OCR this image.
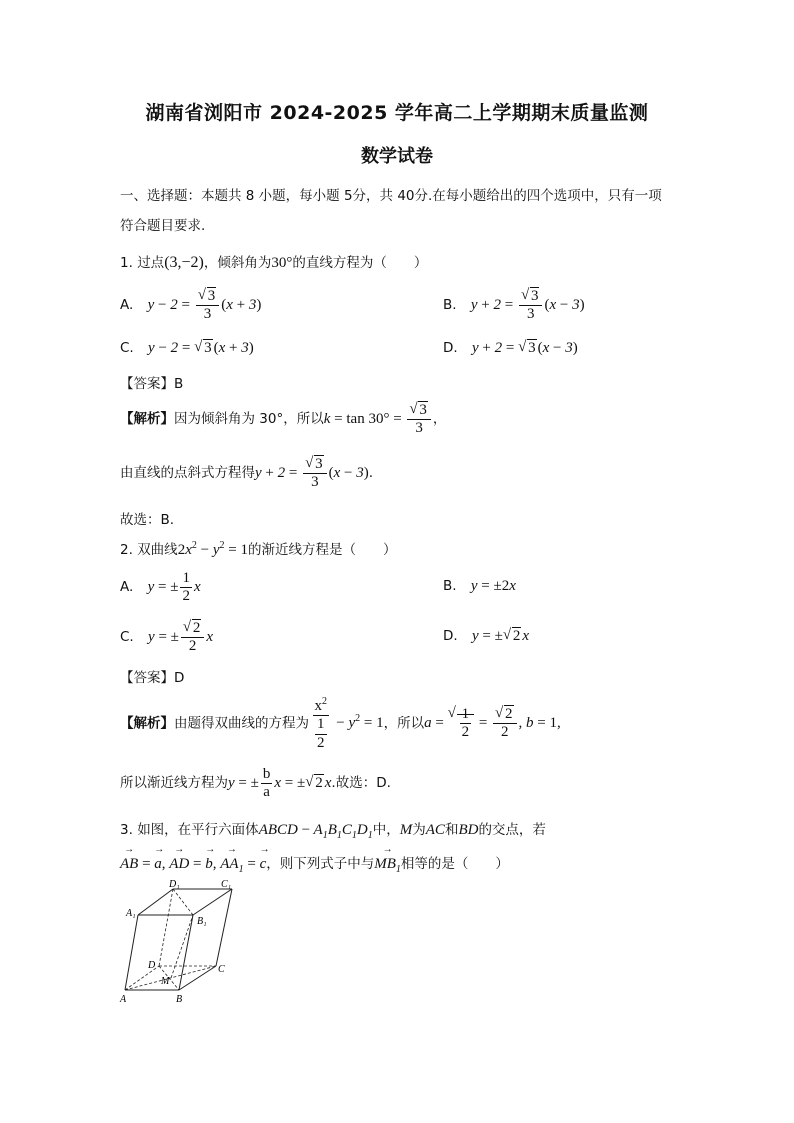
湖南省浏阳市 2024-2025 学年高二上学期期末质量监测
数学试卷
一、选择题：本题共 8 小题，每小题 5分，共 40分.在每小题给出的四个选项中，只有一项
符合题目要求.
1. 过点(3,−2)，倾斜角为30°的直线方程为（　　）
A. y − 2 = √ $\frac{3}{3} (x + 3)$	B. y + 2 = √ $\frac{3}{3} (x - 3)$
C. y − 2 = √ 3 (x + 3)	D. y + 2 = √ 3 (x − 3)
【答案】B
【解析】因为倾斜角为 30°，所以k = tan 30° = √ $\frac{3}{3}$ ，
由直线的点斜式方程得y + 2 = √ $\frac{3}{3} (x - 3)$.
故选：B.
2. 双曲线$2x^2 - y^2 = 1$的渐近线方程是（　　）
A. y = ± $\frac{1}{2}$ x	B. y = ±2x
C. y = ± √ $\frac{2}{2}$ x	D. y = ± √ 2 x
【答案】D
【解析】由题得双曲线的方程为 $\frac{x^2}{\frac{1}{2}} - y^2 = 1$，所以a = √ $\frac{1}{2}$ = √ $\frac{2}{2}$ , b = 1,
所以渐近线方程为y = ± $\frac{b}{a}$ x = ± √ 2 x.故选：D.
3. 如图，在平行六面体ABCD − $A_1B_1C_1D_1$中，M为AC和BD的交点，若
→ AB = → a, → AD = → b, → $AA_1$ = → c，则下列式子中与→ $MB_1$相等的是（　　）
D₁	C₁
A₁
B₁
D	C
M
A	B
